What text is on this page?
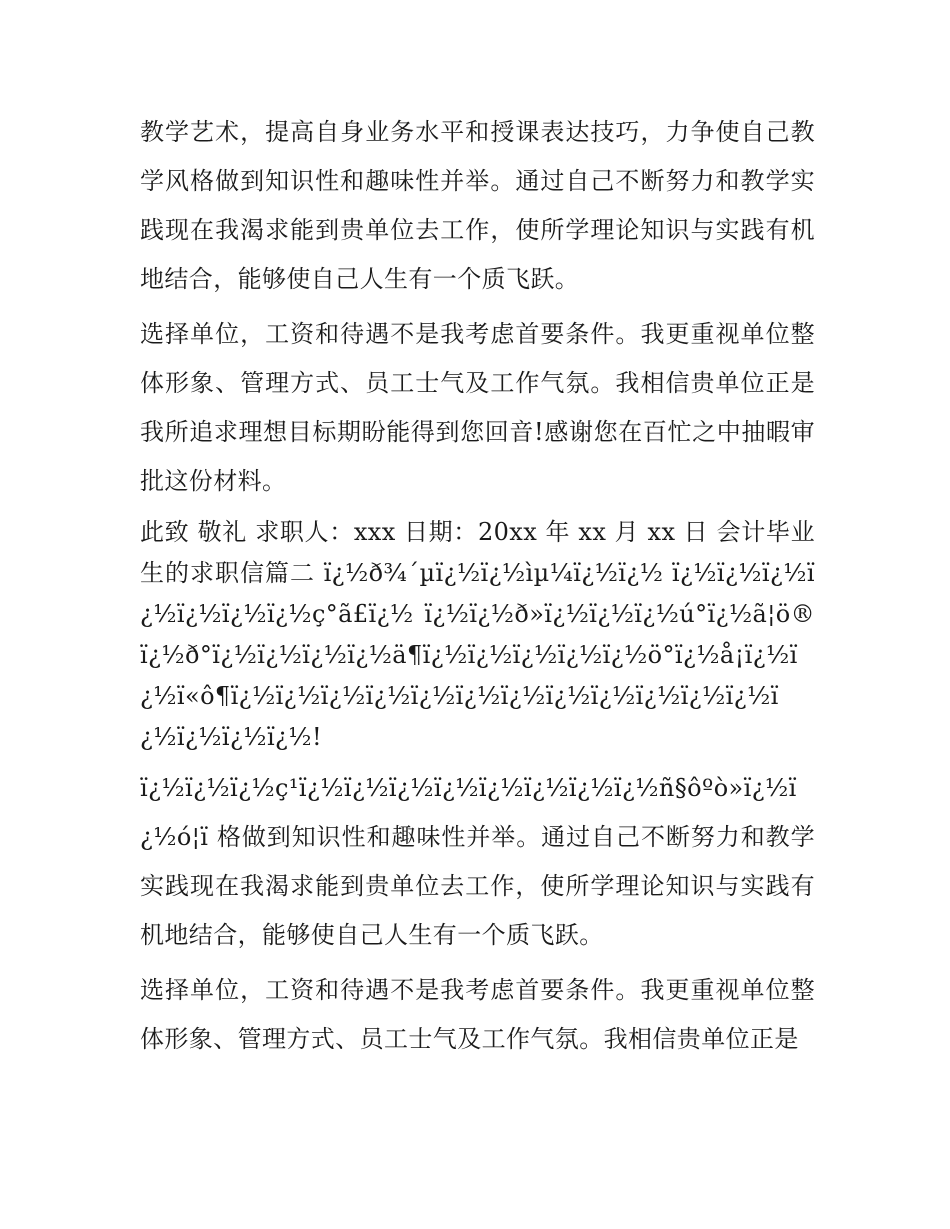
教学艺术，提高自身业务水平和授课表达技巧，力争使自己教学风格做到知识性和趣味性并举。通过自己不断努力和教学实践现在我渴求能到贵单位去工作，使所学理论知识与实践有机地结合，能够使自己人生有一个质飞跃。

选择单位，工资和待遇不是我考虑首要条件。我更重视单位整体形象、管理方式、员工士气及工作气氛。我相信贵单位正是我所追求理想目标期盼能得到您回音!感谢您在百忙之中抽暇审批这份材料。

此致 敬礼 求职人：xxx 日期：20xx 年 xx 月 xx 日 会计毕业生的求职信篇二 ï¿½ð¾´µï¿½ï¿½ìµ¼ï¿½ï¿½ ï¿½ï¿½ï¿½ï¿½ï¿½ï¿½ï¿½ç°ã£ï¿½ ï¿½ï¿½ð»ï¿½ï¿½ï¿½ú°ï¿½ã¦ö®ï¿½ð°ï¿½ï¿½ï¿½ï¿½ä¶ï¿½ï¿½ï¿½ï¿½ï¿½ö°ï¿½å¡ï¿½ï¿½ï«ô¶ï¿½ï¿½ï¿½ï¿½ï¿½ï¿½ï¿½ï¿½ï¿½ï¿½ï¿½ï¿½ï¿½ï¿½ï¿½ï¿½!

ï¿½ï¿½ï¿½ç¹ï¿½ï¿½ï¿½ï¿½ï¿½ï¿½ï¿½ï¿½ñ§ôºò»ï¿½ï¿½ó¦ï 格做到知识性和趣味性并举。通过自己不断努力和教学实践现在我渴求能到贵单位去工作，使所学理论知识与实践有机地结合，能够使自己人生有一个质飞跃。

选择单位，工资和待遇不是我考虑首要条件。我更重视单位整体形象、管理方式、员工士气及工作气氛。我相信贵单位正是
